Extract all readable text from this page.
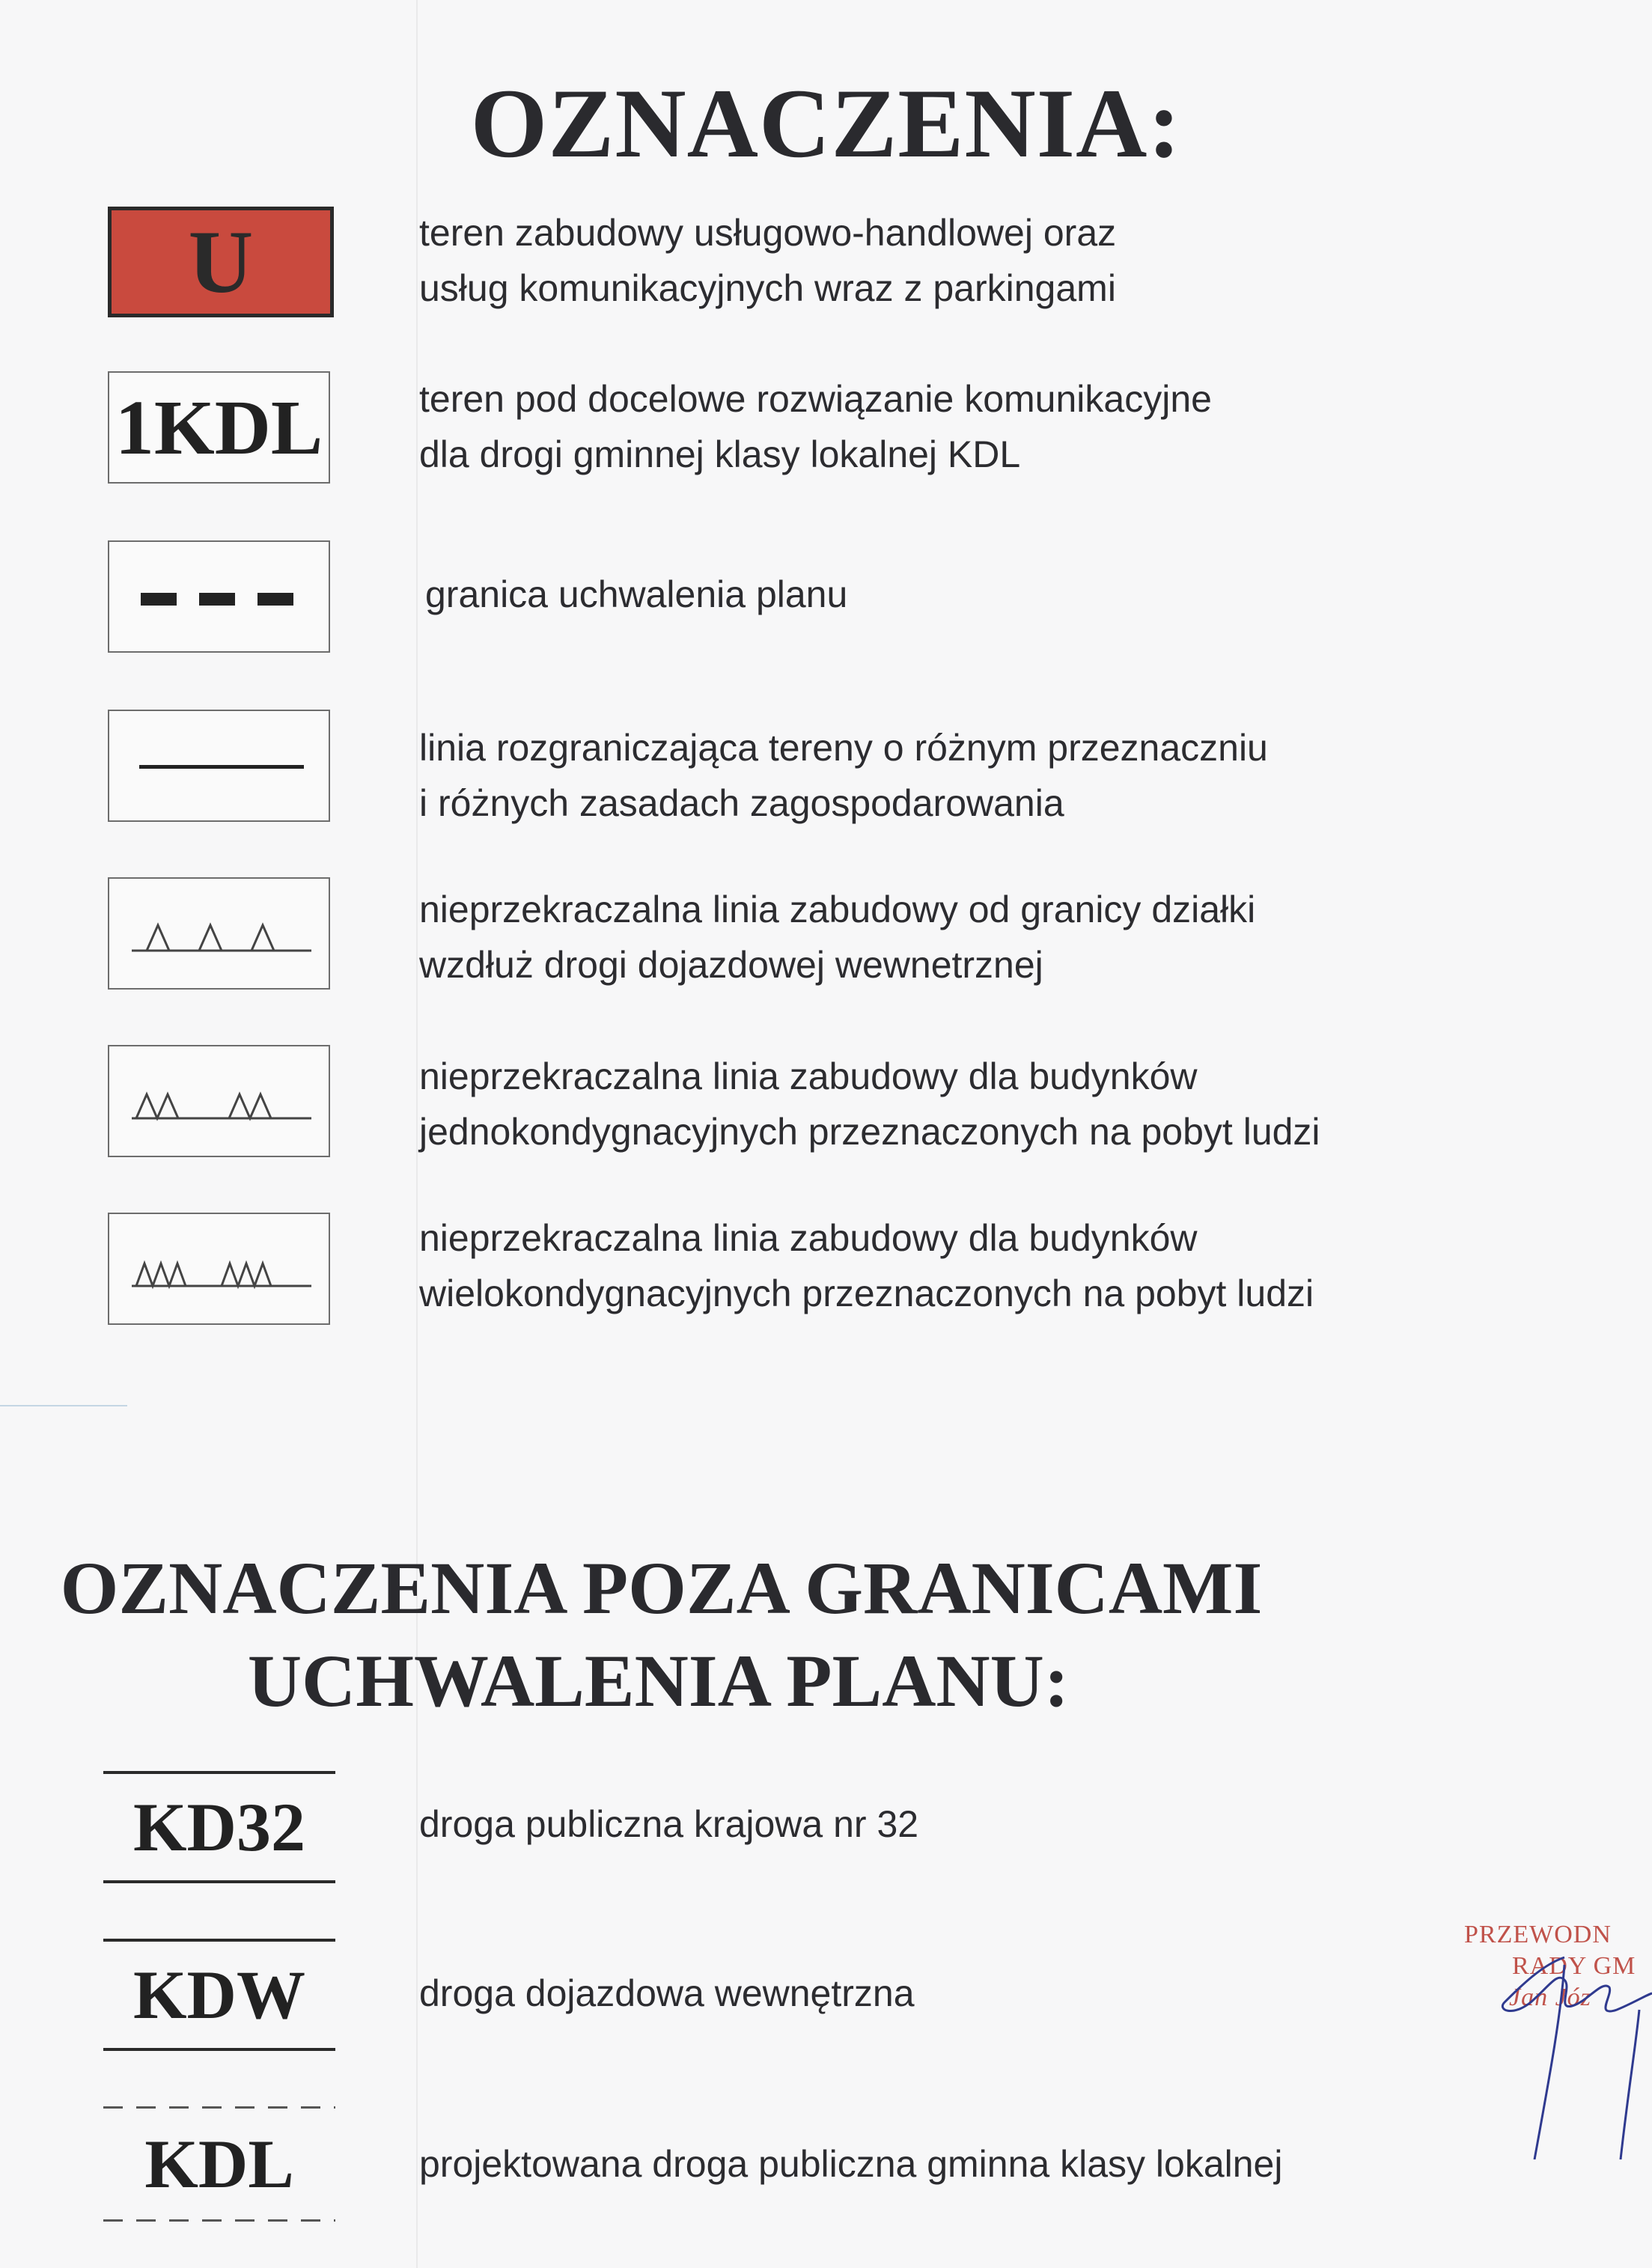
OZNACZENIA:
U	teren zabudowy usługowo-handlowej oraz
usług komunikacyjnych wraz z parkingami
1KDL	teren pod docelowe rozwiązanie komunikacyjne
dla drogi gminnej klasy lokalnej KDL
granica uchwalenia planu
linia rozgraniczająca tereny o różnym przeznaczniu
i różnych zasadach zagospodarowania
nieprzekraczalna linia zabudowy od granicy działki
wzdłuż drogi dojazdowej wewnetrznej
nieprzekraczalna linia zabudowy dla budynków
jednokondygnacyjnych przeznaczonych na pobyt ludzi
nieprzekraczalna linia zabudowy dla budynków
wielokondygnacyjnych przeznaczonych na pobyt ludzi
OZNACZENIA POZA GRANICAMI
UCHWALENIA PLANU:
KD32	droga publiczna krajowa nr 32
KDW	droga dojazdowa wewnętrzna
KDL	projektowana droga publiczna gminna klasy lokalnej
PRZEWODN
RADY GM
Jan Józ
